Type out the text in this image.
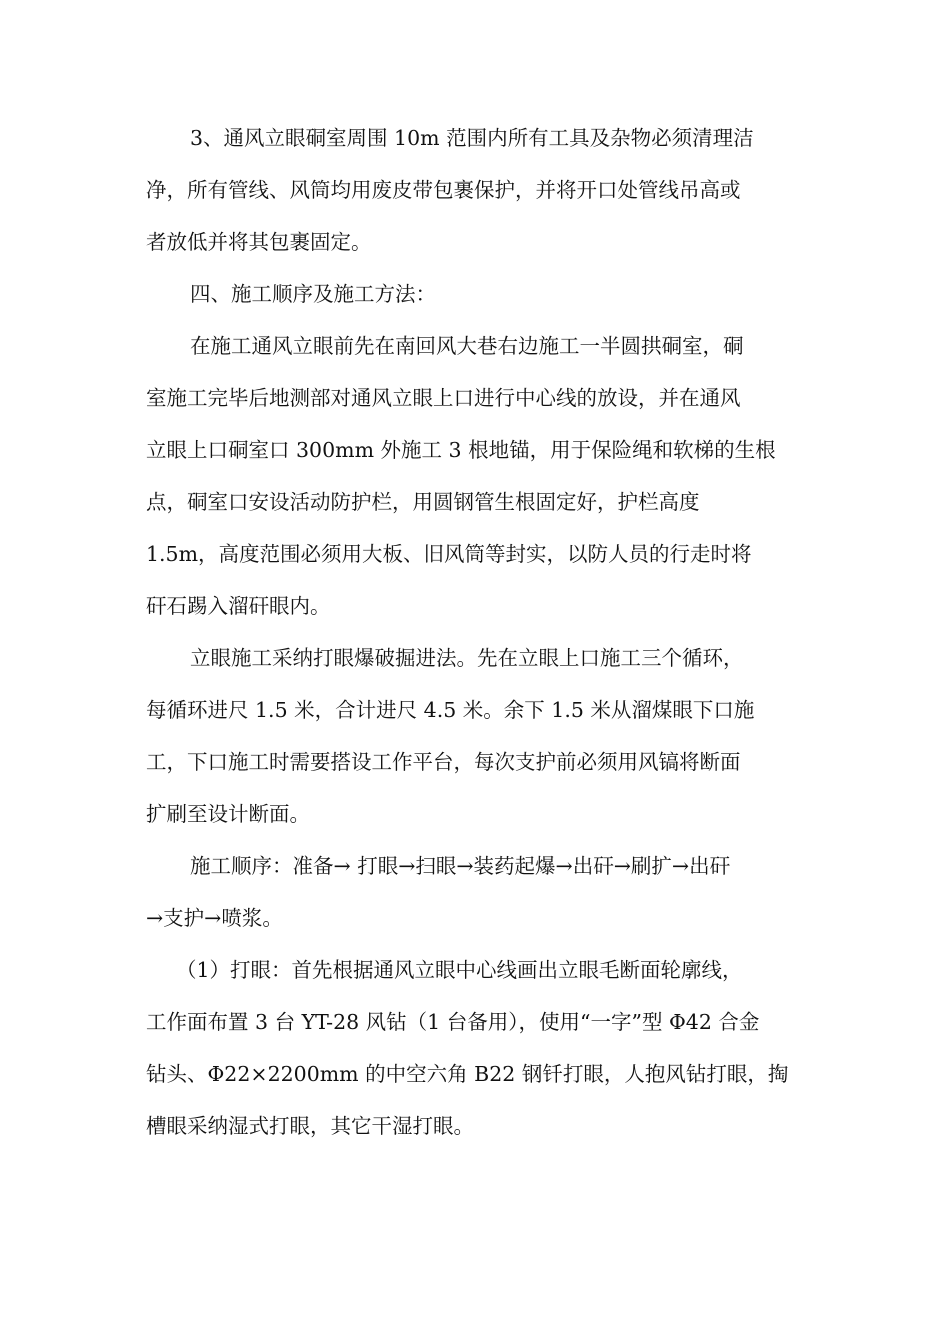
3、通风立眼硐室周围 10m 范围内所有工具及杂物必须清理洁
净，所有管线、风筒均用废皮带包裹保护，并将开口处管线吊高或
者放低并将其包裹固定。

四、施工顺序及施工方法：

在施工通风立眼前先在南回风大巷右边施工一半圆拱硐室，硐
室施工完毕后地测部对通风立眼上口进行中心线的放设，并在通风
立眼上口硐室口 300mm 外施工 3 根地锚，用于保险绳和软梯的生根
点，硐室口安设活动防护栏，用圆钢管生根固定好，护栏高度
1.5m，高度范围必须用大板、旧风筒等封实，以防人员的行走时将
矸石踢入溜矸眼内。

立眼施工采纳打眼爆破掘进法。先在立眼上口施工三个循环，
每循环进尺 1.5 米，合计进尺 4.5 米。余下 1.5 米从溜煤眼下口施
工，下口施工时需要搭设工作平台，每次支护前必须用风镐将断面
扩刷至设计断面。

施工顺序：准备→ 打眼→扫眼→装药起爆→出矸→刷扩→出矸
→支护→喷浆。

（1）打眼：首先根据通风立眼中心线画出立眼毛断面轮廓线，
工作面布置 3 台 YT-28 风钻（1 台备用），使用“一字”型 Φ42 合金
钻头、Φ22×2200mm 的中空六角 B22 钢钎打眼，人抱风钻打眼，掏
槽眼采纳湿式打眼，其它干湿打眼。
